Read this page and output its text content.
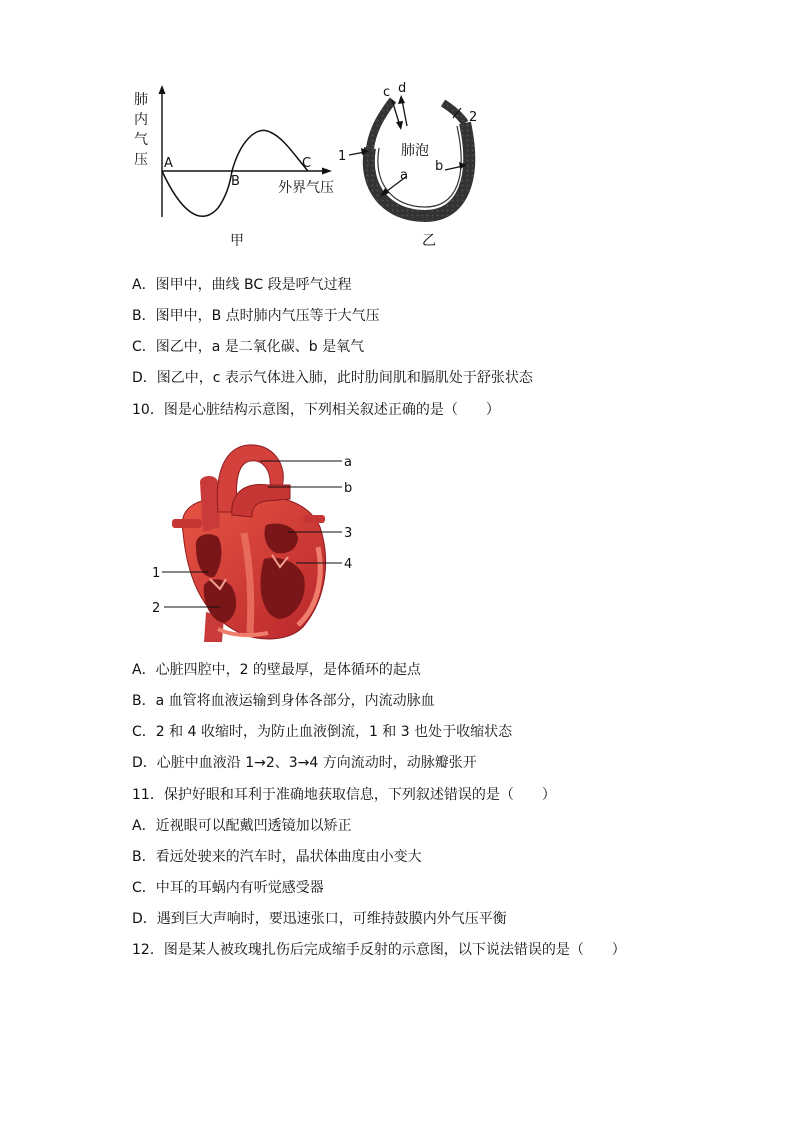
肺
内
气
压 A
B
C
外界气压
甲
c d
1
2
a
b
肺泡
乙
A．图甲中，曲线 BC 段是呼气过程
B．图甲中，B 点时肺内气压等于大气压
C．图乙中，a 是二氧化碳、b 是氧气
D．图乙中，c 表示气体进入肺，此时肋间肌和膈肌处于舒张状态
10．图是心脏结构示意图，下列相关叙述正确的是（　　）
a
b
3
4
1
2
A．心脏四腔中，2 的壁最厚，是体循环的起点
B．a 血管将血液运输到身体各部分，内流动脉血
C．2 和 4 收缩时，为防止血液倒流，1 和 3 也处于收缩状态
D．心脏中血液沿 1→2、3→4 方向流动时，动脉瓣张开
11．保护好眼和耳利于准确地获取信息，下列叙述错误的是（　　）
A．近视眼可以配戴凹透镜加以矫正
B．看远处驶来的汽车时，晶状体曲度由小变大
C．中耳的耳蜗内有听觉感受器
D．遇到巨大声响时，要迅速张口，可维持鼓膜内外气压平衡
12．图是某人被玫瑰扎伤后完成缩手反射的示意图，以下说法错误的是（　　）
